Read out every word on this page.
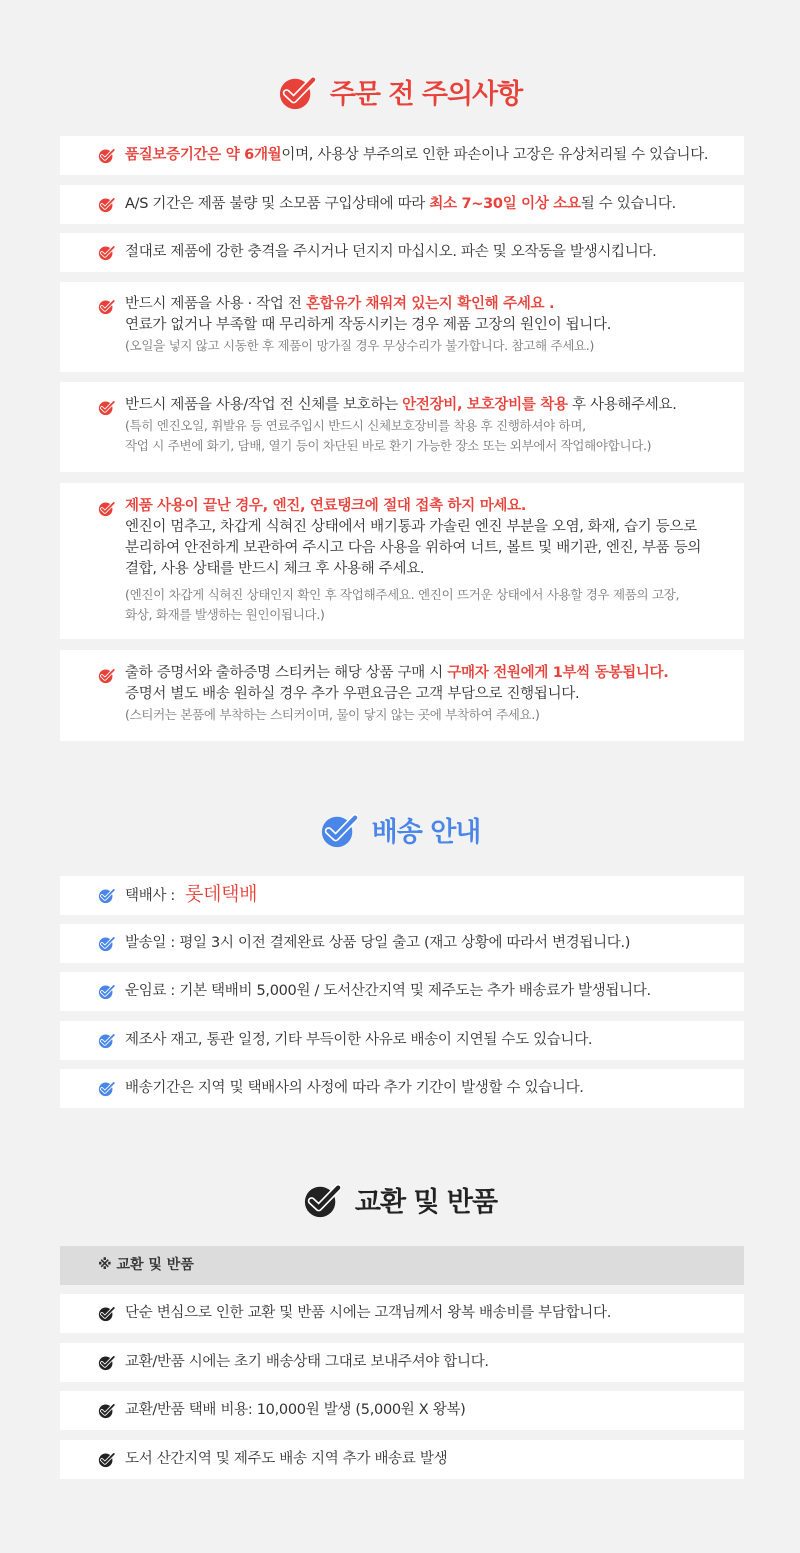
주문 전 주의사항
품질보증기간은 약 6개월이며, 사용상 부주의로 인한 파손이나 고장은 유상처리될 수 있습니다.
A/S 기간은 제품 불량 및 소모품 구입상태에 따라 최소 7~30일 이상 소요될 수 있습니다.
절대로 제품에 강한 충격을 주시거나 던지지 마십시오. 파손 및 오작동을 발생시킵니다.
반드시 제품을 사용 · 작업 전 혼합유가 채워져 있는지 확인해 주세요 .
연료가 없거나 부족할 때 무리하게 작동시키는 경우 제품 고장의 원인이 됩니다.
(오일을 넣지 않고 시동한 후 제품이 망가질 경우 무상수리가 불가합니다. 참고해 주세요.)
반드시 제품을 사용/작업 전 신체를 보호하는 안전장비, 보호장비를 착용 후 사용해주세요.
(특히 엔진오일, 휘발유 등 연료주입시 반드시 신체보호장비를 착용 후 진행하셔야 하며,
작업 시 주변에 화기, 담배, 열기 등이 차단된 바로 환기 가능한 장소 또는 외부에서 작업해야합니다.)
제품 사용이 끝난 경우, 엔진, 연료탱크에 절대 접촉 하지 마세요.
엔진이 멈추고, 차갑게 식혀진 상태에서 배기통과 가솔린 엔진 부분을 오염, 화재, 습기 등으로
분리하여 안전하게 보관하여 주시고 다음 사용을 위하여 너트, 볼트 및 배기관, 엔진, 부품 등의
결합, 사용 상태를 반드시 체크 후 사용해 주세요.
(엔진이 차갑게 식혀진 상태인지 확인 후 작업해주세요. 엔진이 뜨거운 상태에서 사용할 경우 제품의 고장,
화상, 화재를 발생하는 원인이됩니다.)
출하 증명서와 출하증명 스티커는 해당 상품 구매 시 구매자 전원에게 1부씩 동봉됩니다.
증명서 별도 배송 원하실 경우 추가 우편요금은 고객 부담으로 진행됩니다.
(스티커는 본품에 부착하는 스티커이며, 물이 닿지 않는 곳에 부착하여 주세요.)
배송 안내
택배사 : 롯데택배
발송일 : 평일 3시 이전 결제완료 상품 당일 출고 (재고 상황에 따라서 변경됩니다.)
운임료 : 기본 택배비 5,000원 / 도서산간지역 및 제주도는 추가 배송료가 발생됩니다.
제조사 재고, 통관 일정, 기타 부득이한 사유로 배송이 지연될 수도 있습니다.
배송기간은 지역 및 택배사의 사정에 따라 추가 기간이 발생할 수 있습니다.
교환 및 반품
※ 교환 및 반품
단순 변심으로 인한 교환 및 반품 시에는 고객님께서 왕복 배송비를 부담합니다.
교환/반품 시에는 초기 배송상태 그대로 보내주셔야 합니다.
교환/반품 택배 비용: 10,000원 발생 (5,000원 X 왕복)
도서 산간지역 및 제주도 배송 지역 추가 배송료 발생
